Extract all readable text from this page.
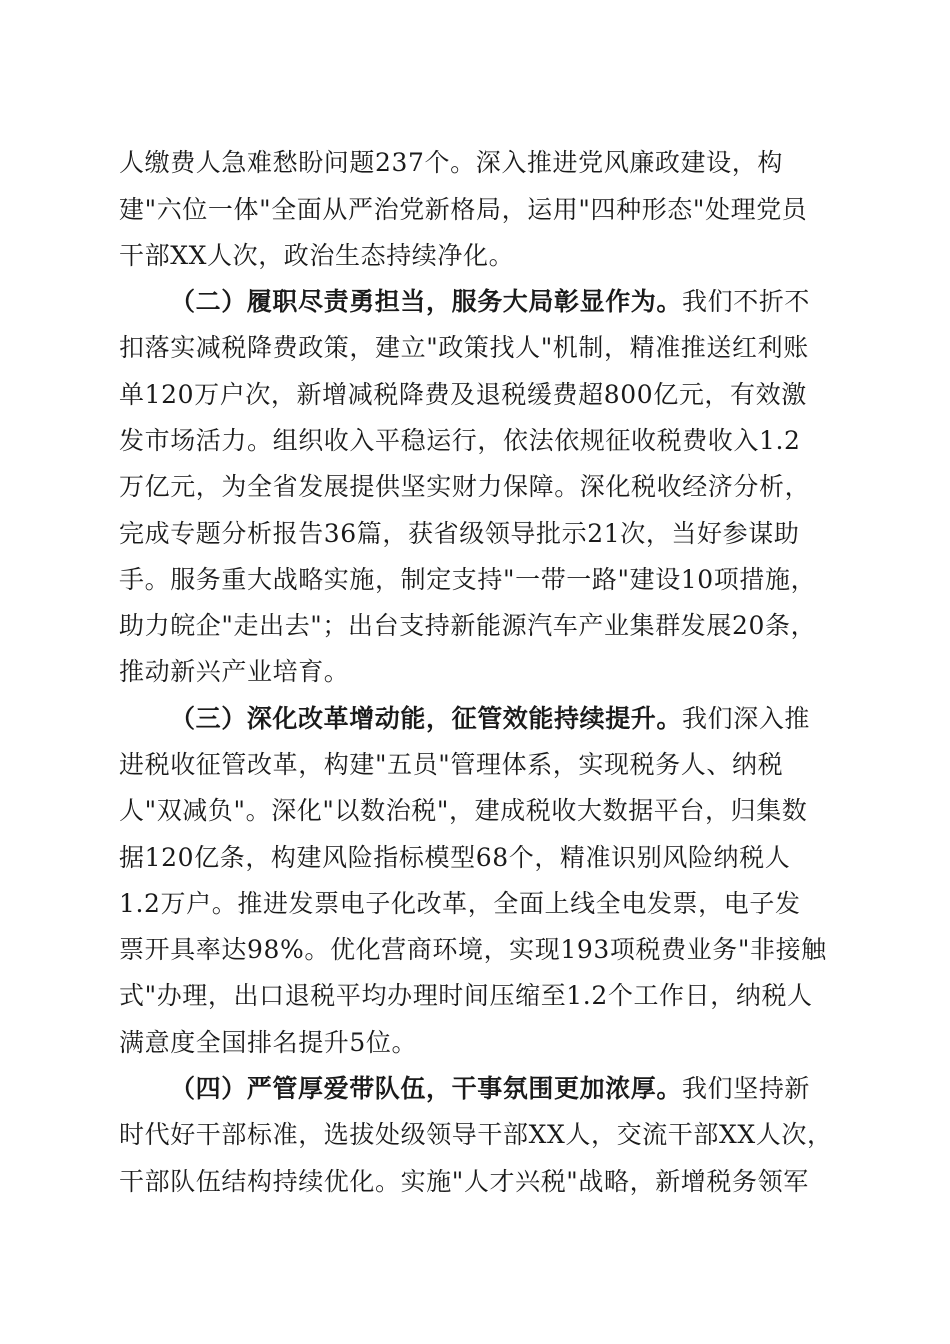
人缴费人急难愁盼问题237个。深入推进党风廉政建设，构
建"六位一体"全面从严治党新格局，运用"四种形态"处理党员
干部XX人次，政治生态持续净化。
（二）履职尽责勇担当，服务大局彰显作为。我们不折不
扣落实减税降费政策，建立"政策找人"机制，精准推送红利账
单120万户次，新增减税降费及退税缓费超800亿元，有效激
发市场活力。组织收入平稳运行，依法依规征收税费收入1.2
万亿元，为全省发展提供坚实财力保障。深化税收经济分析，
完成专题分析报告36篇，获省级领导批示21次，当好参谋助
手。服务重大战略实施，制定支持"一带一路"建设10项措施，
助力皖企"走出去"；出台支持新能源汽车产业集群发展20条，
推动新兴产业培育。
（三）深化改革增动能，征管效能持续提升。我们深入推
进税收征管改革，构建"五员"管理体系，实现税务人、纳税
人"双减负"。深化"以数治税"，建成税收大数据平台，归集数
据120亿条，构建风险指标模型68个，精准识别风险纳税人
1.2万户。推进发票电子化改革，全面上线全电发票，电子发
票开具率达98%。优化营商环境，实现193项税费业务"非接触
式"办理，出口退税平均办理时间压缩至1.2个工作日，纳税人
满意度全国排名提升5位。
（四）严管厚爱带队伍，干事氛围更加浓厚。我们坚持新
时代好干部标准，选拔处级领导干部XX人，交流干部XX人次，
干部队伍结构持续优化。实施"人才兴税"战略，新增税务领军
